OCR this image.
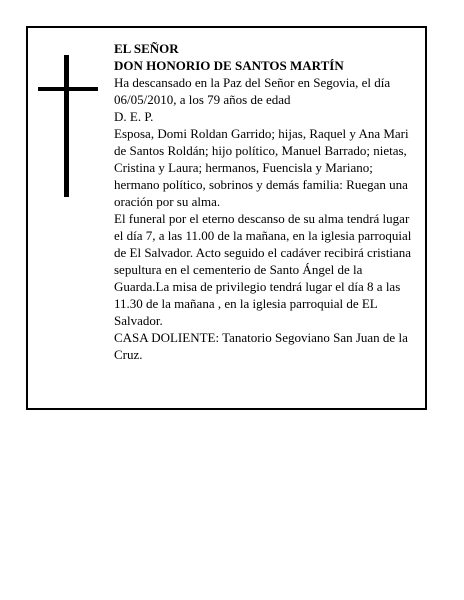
EL SEÑOR

DON HONORIO DE SANTOS MARTÍN

Ha descansado en la Paz del Señor en Segovia, el día 06/05/2010, a los 79 años de edad

D. E. P.

Esposa, Domi Roldan Garrido; hijas, Raquel y Ana Mari de Santos Roldán; hijo político, Manuel Barrado; nietas, Cristina y Laura; hermanos, Fuencisla y Mariano; hermano político, sobrinos y demás familia: Ruegan una oración por su alma.

El funeral por el eterno descanso de su alma tendrá lugar el día 7, a las 11.00 de la mañana, en la iglesia parroquial de El Salvador. Acto seguido el cadáver recibirá cristiana sepultura en el cementerio de Santo Ángel de la Guarda.La misa de privilegio tendrá lugar el día 8 a las 11.30 de la mañana , en la iglesia parroquial de EL Salvador.

CASA DOLIENTE: Tanatorio Segoviano San Juan de la Cruz.
